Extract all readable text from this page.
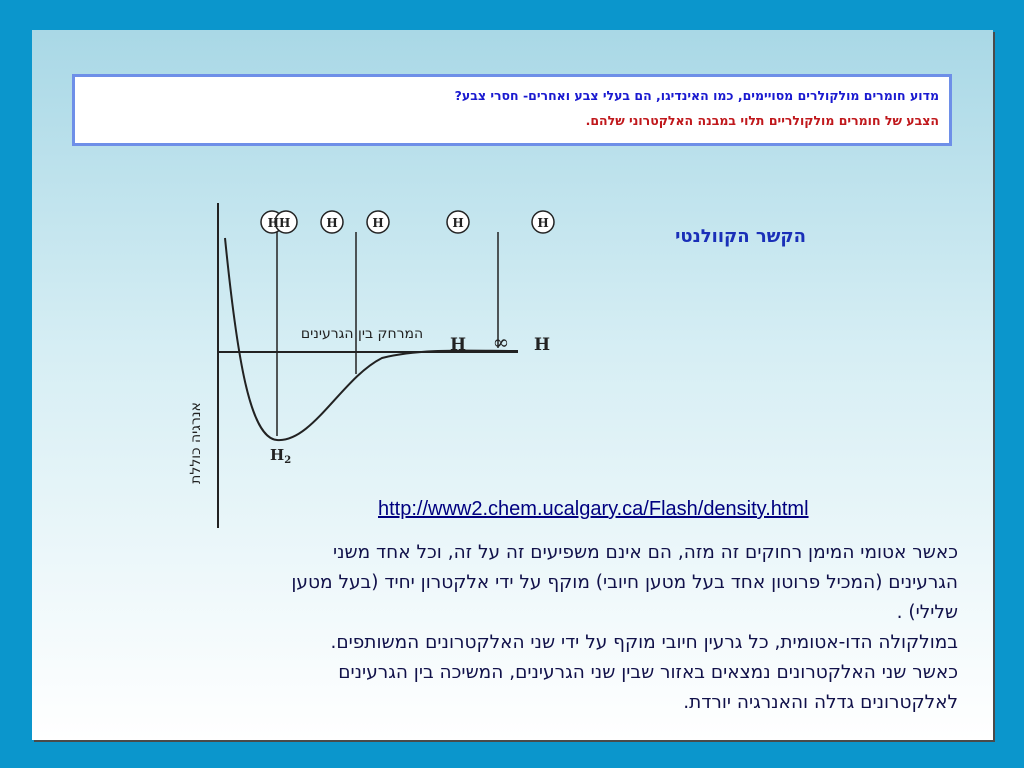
מדוע חומרים מולקולרים מסויימים, כמו האינדיגו, הם בעלי צבע ואחרים- חסרי צבע?
הצבע של חומרים מולקולריים תלוי במבנה האלקטרוני שלהם.
הקשר הקוולנטי
HH	H	H	H	H
המרחק בין הגרעינים
אנרגיה כוללת
H ∞ H
$H_2$
http://www2.chem.ucalgary.ca/Flash/density.html

כאשר אטומי המימן רחוקים זה מזה, הם אינם משפיעים זה על זה, וכל אחד משני

הגרעינים (המכיל פרוטון אחד בעל מטען חיובי) מוקף על ידי אלקטרון יחיד (בעל מטען

שלילי) .

במולקולה הדו-אטומית, כל גרעין חיובי מוקף על ידי שני האלקטרונים המשותפים.

כאשר שני האלקטרונים נמצאים באזור שבין שני הגרעינים, המשיכה בין הגרעינים

לאלקטרונים גדלה והאנרגיה יורדת.
